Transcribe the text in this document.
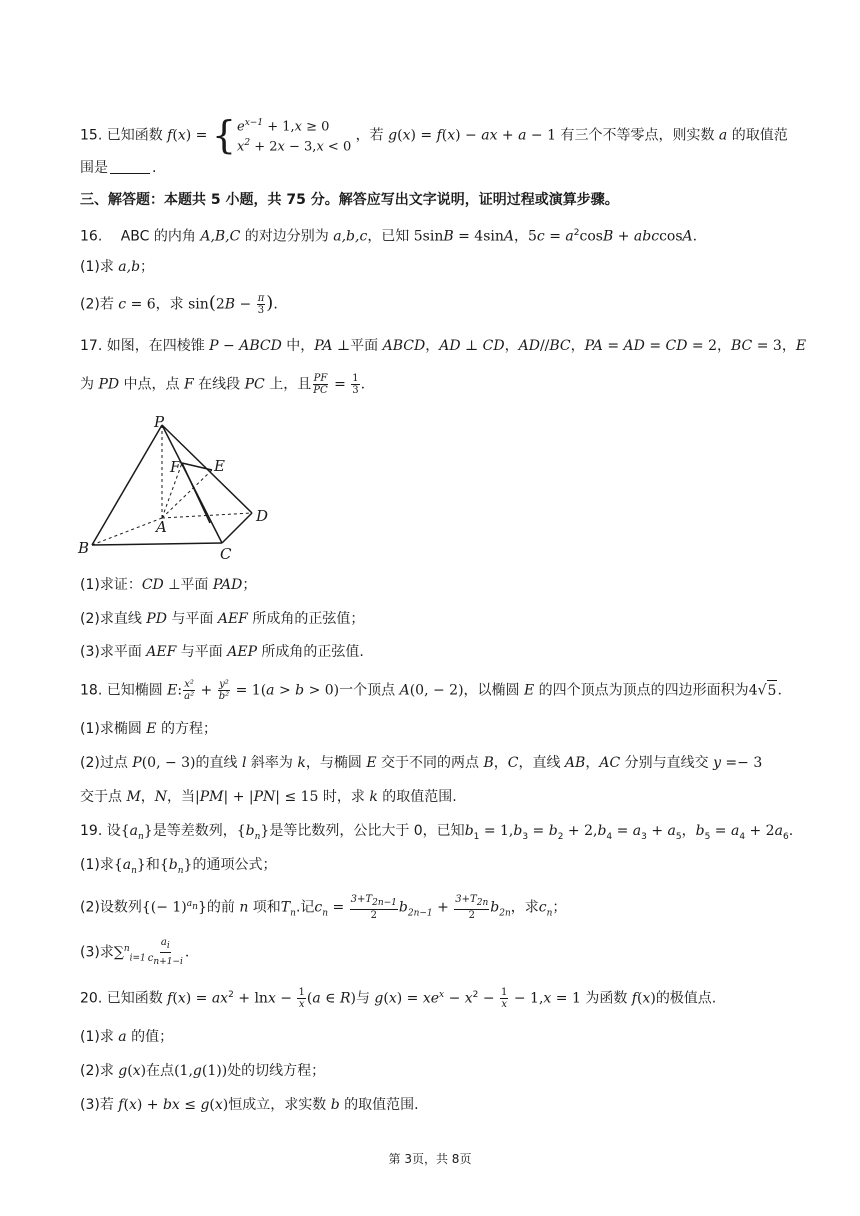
15. 已知函数 f(x) = { $e^{x-1} + 1,x \ge 0$
$x^2 + 2x - 3,x < 0$
，若 g(x) = f(x) − ax + a − 1 有三个不等零点，则实数 a 的取值范
围是	.
三、解答题：本题共 5 小题，共 75 分。解答应写出文字说明，证明过程或演算步骤。
16.　 ABC 的内角 A,B,C 的对边分别为 a,b,c，已知 5sinB = 4sinA，$5c = a^2\cos B + abccosA$.
(1)求 a,b；
(2)若 c = 6，求 $\sin(2B - \frac{\pi}{3}$ ).
17. 如图，在四棱锥 P − ABCD 中，PA ⊥平面 ABCD，AD ⊥ CD，AD//BC，PA = AD = CD = 2，BC = 3，E
为 PD 中点，点 F 在线段 PC 上，且 $\frac{PF}{PC} = \frac{1}{3}$ .
P
F E
A
D
B	C
(1)求证：CD ⊥平面 PAD；
(2)求直线 PD 与平面 AEF 所成角的正弦值；
(3)求平面 AEF 与平面 AEP 所成角的正弦值.
18. 已知椭圆 E: $\frac{\text{x²}}{\text{a²}} + \frac{\text{y²}}{\text{b²}} = 1(a > b > 0)$一个顶点 A(0, − 2)，以椭圆 E 的四个顶点为顶点的四边形面积为4√5.
(1)求椭圆 E 的方程；
(2)过点 P(0, − 3)的直线 l 斜率为 k，与椭圆 E 交于不同的两点 B，C，直线 AB，AC 分别与直线交 y =− 3
交于点 M，N，当|PM| + |PN| ≤ 15 时，求 k 的取值范围.
19. 设$\{a_n\}$是等差数列，$\{b_n\}$是等比数列，公比大于 0，已知$b_1 = 1,b_3 = b_2 + 2,b_4 = a_3 + a_5$，$b_5 = a_4 + 2a_6$.
(1)求$\{a_n\}$和$\{b_n\}$的通项公式；
(2)设数列{(− 1)$^{a_n}$}的前 n 项和$T_n$.记$c_n = \frac{3+T_{2n-1}}{2} b_{2n-1} + \frac{3+T_{2n}}{2} b_{2n}$，求$c_n$；
(3)求$\sum^n_{i=1} \frac{a_i}{c_{n+1-i}}$ .
20. 已知函数 $f(x) = ax^2 + \ln x - \frac{1}{x} (a$ ∈ R)与 $g(x) = xe^x - x^2 - \frac{1}{x} - 1,x = 1$ 为函数 f(x)的极值点.
(1)求 a 的值；
(2)求 g(x)在点(1,g(1))处的切线方程；
(3)若 f(x) + bx ≤ g(x)恒成立，求实数 b 的取值范围.
第 3页，共 8页
